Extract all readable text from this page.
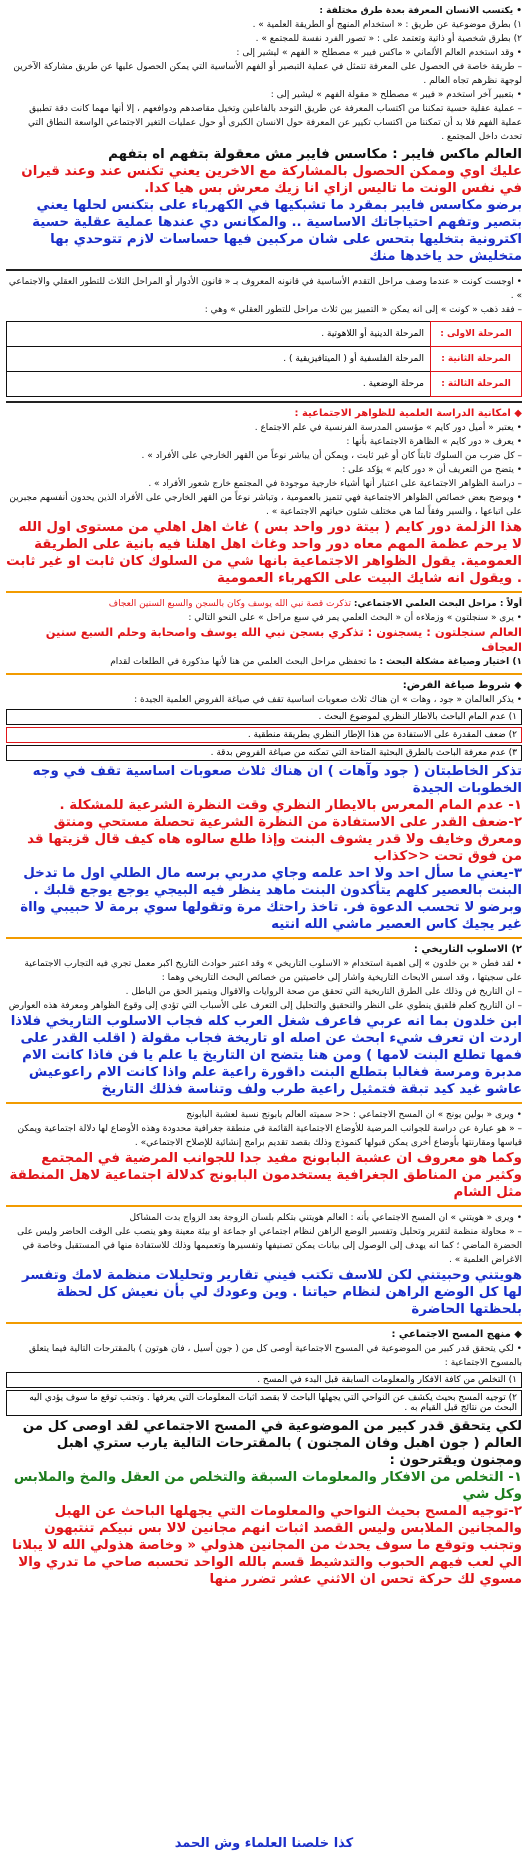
• يكتسب الانسان المعرفة بعدة طرق مختلفة :

١) بطرق موضوعية عن طريق : « استخدام المنهج أو الطريقة العلمية » .

٢) بطرق شخصية أو ذاتية وتعتمد على : « تصور الفرد نفسة للمجتمع » .

• وقد استخدم العالم الألماني « ماكس فيبر » مصطلح « الفهم » ليشير إلى :

– طريقة خاصة في الحصول على المعرفة تتمثل في عملية التبصير أو الفهم الأساسية التي يمكن الحصول عليها عن طريق مشاركة الآخرين لوجهة نظرهم تجاه العالم .

• بتعبير آخر استخدم « فيبر » مصطلح « مقولة الفهم » ليشير إلى :

– عملية عقلية حسية تمكننا من اكتساب المعرفة عن طريق التوحد بالفاعلين وتخيل مقاصدهم ودوافعهم ، إلا أنها مهما كانت دقة تطبيق عملية الفهم فلا بد أن تمكننا من اكتساب تكيير عن المعرفة حول الانسان الكبرى أو حول عمليات التغير الاجتماعي الواسعة النطاق التي تحدث داخل المجتمع .

العالم ماكس فايبر : مكاسس فايبر مش معقولة بتفهم اه بتفهم

عليك اوي وممكن الحصول بالمشاركة مع الاخرين يعني تكنس عند وعند قيران في نفس الونت ما تاليس ازاي انا زيك معرش بس هيا كدا.

برضو مكاسس فايبر بمقرد ما تشبكيها في الكهرباء على بتكنس لحلها يعني بتصير وتفهم احتياجاتك الاساسية .. والمكانس دي عندها عملية عقلية حسية اكترونية بتخليها بتحس على شان مركبين فيها حساسات لازم تتوحدي بها متخليش حد ياخدها منك

• اوجست كونت « عندما وصف مراحل التقدم الأساسية في قانونه المعروف بـ « قانون الأدوار أو المراحل الثلاث للتطور العقلي والاجتماعي » .

– فقد ذهب « كونت » إلى انه يمكن « التمييز بين ثلاث مراحل للتطور العقلي » وهي :

المرحلة الاولى :	المرحلة الدينية أو اللاهوتية .
المرحلة الثانية :	المرحلة الفلسفية أو ( الميتافيزيقية ) .
المرحلة الثالثة :	مرحلة الوضعية .

◆ امكانية الدراسة العلمية للظواهر الاجتماعية :

• يعتبر « أميل دور كايم » مؤسس المدرسة الفرنسية في علم الاجتماع .

• يعرف « دور كايم » الظاهرة الاجتماعية بأنها :

– كل ضرب من السلوك ثابتاً كان أو غير ثابت ، ويمكن أن يباشر نوعاً من القهر الخارجي على الأفراد » .

• يتضح من التعريف أن « دور كايم » يؤكد على :

– دراسة الظواهر الاجتماعية على اعتبار أنها أشياء خارجية موجودة في المجتمع خارج شعور الأفراد » .

• ويوضح بعض خصائص الظواهر الاجتماعية فهي تتميز بالعمومية ، وتباشر نوعاً من القهر الخارجي على الأفراد الذين يحدون أنفسهم مجبرين على اتباعها ، والسير وفقاً لما هي مختلف شئون حياتهم الاجتماعية » .

هذا الزلمة دور كايم ( بيتة دور واحد بس ) غاث اهل اهلي من مستوى اول الله لا يرحم عظمة المهم معاه دور واحد وغاث اهل اهلنا فيه بانية على الطريقة العمومية. يقول الظواهر الاجتماعية بانها شي من السلوك كان ثابت او غير ثابت . ويقول انه شايك البيت على الكهرباء العمومية

أولاً : مراحل البحث العلمي الاجتماعي: تذكرت قصة نبي الله يوسف وكان بالسجن والسبع السنين العجاف

• يرى « سنجلتون » وزملاءه أن « البحث العلمي يمر في سبع مراحل » على النحو التالي :

العالم سنجلتون : يسجنون : تذكري بسجن نبي الله يوسف واصحابة وحلم السبع سنين العجاف

١) اختيار وصياغة مشكلة البحث : ما تحفظي مراحل البحث العلمي من هنا لأنها مذكورة في الطلعات لقدام

◆ شروط صياغة الفرض:

• يذكر العالمان « جود ، وهات » ان هناك ثلاث صعوبات اساسية تقف في صياغة الفروض العلمية الجيدة :

١) عدم المام الباحث بالاطار النظري لموضوع البحث .
٢) ضعف المقدرة على الاستفادة من هذا الإطار النظري بطريقة منطقية .
٣) عدم معرفة الباحث بالطرق البحثية المتاحة التي تمكنه من صياغة الفروض بدقة .

تذكر الخاطبتان ( جود وآهات ) ان هناك ثلاث صعوبات اساسية تقف في وجه الخطوبات الجيدة

١- عدم المام المعرس بالايطار النظري وقت النظرة الشرعية للمشكلة .

٢-ضعف القدر على الاستفادة من النظرة الشرعية تحصلة مستحي ومنتق ومعرق وخايف ولا قدر يشوف البنت وإذا طلع سالوه هاه كيف قال قزيتها قد من فوق تحت <<كذاب

٣-يعني ما سأل احد ولا احد علمه وجاي مدربي برسه مال الطلي اول ما تدخل البنت بالعصير كلهم يتأكدون البنت ماهد ينظر فيه البيجي يوجع يوجع قلبك . وبرضو لا تحسب الدعوة فر. تاخذ راحتك مرة وتقولها سوي برمة لا حبيبي وااة غير يجيك كاس العصير ماشي الله انتيه

٢) الاسلوب التاريخي :

• لقد فطن « بن خلدون » إلى اهمية استخدام « الاسلوب التاريخي » وقد اعتبر حوادث التاريخ اكبر معمل تجري فيه التجارب الاجتماعية على سجيتها ، وقد اسس الابحاث التاريخية واشار إلى خاصيتين من خصائص البحث التاريخي وهما :

– ان التاريخ فن وذلك على الطرق التاريخية التي تحقق من صحة الروايات والاقوال ويتميز الحق من الباطل .

– ان التاريخ كعلم فلقيق ينطوي على النظر والتحقيق والتحليل إلى التعرف على الأسباب التي تؤدي إلى وقوع الظواهر ومعرفة هذه العوارض

ابن خلدون بما انه عربي فاعرف شغل العرب كله فجاب الاسلوب التاريخي فلاذا اردت ان تعرف شيء ابحث عن اصله او تاريخة فجاب مقولة ( اقلب القدر على فمها تطلع البنت لامها ) ومن هنا يتضح ان التاريخ يا علم يا فن فاذا كانت الام مدبرة ومرسة فغالبا بتطلع البنت داقورة راعية علم واذا كانت الام راعوعيش عاشو غيد كيد تبقة فتمثيل راعية طرب ولف وتناسة فذلك التاريخ

• ويرى « بولين يونج » ان المسح الاجتماعي : << سميته العالم بابونج نسبة لعشبة البابونج

– « هو عبارة عن دراسة للجوانب المرضية للأوضاع الاجتماعية القائمة في منطقة جغرافية محدودة وهذه الأوضاع لها دلالة اجتماعية ويمكن قياسها ومقارنتها بأوضاع أخرى يمكن قبولها كنموذج وذلك بقصد تقديم برامج إنشائية للإصلاح الاجتماعي» .

وكما هو معروف ان عشبة البابونج مفيد جدا للجوانب المرضية في المجتمع وكثير من المناطق الجغرافية يستخدمون البابونج كدلالة اجتماعية لاهل المنطقة مثل الشام

• ويرى « هويتني » ان المسح الاجتماعي بأنه : العالم هويتني بتكلم بلسان الزوجة بعد الزواج بدت المشاكل

– « محاولة منظمة لتقرير وتحليل وتفسير الوضع الراهن لنظام اجتماعي او جماعة او بيئة معينة وهو ينصب على الوقت الحاضر وليس على الحضرة الماضي ؛ كما انه يهدف إلى الوصول إلى بيانات يمكن تصنيفها وتفسيرها وتعميمها وذلك للاستفادة منها في المستقبل وخاصة في الاغراض العلمية » .

هويتني وحبيتني لكن للاسف تكتب فيني تقارير وتحليلات منظمة لامك وتفسر لها كل الوضع الراهن لنظام حياتنا . وين وعودك لي بأن نعيش كل لحظة بلحظتها الحاضرة

◆ منهج المسح الاجتماعي :

• لكي يتحقق قدر كبير من الموضوعية في المسوح الاجتماعية أوصى كل من ( جون أسيل ، فان هوتون ) بالمقترحات التالية فيما يتعلق بالمسوح الاجتماعية :

١) التخلص من كافة الافكار والمعلومات السابقة قبل البدء في المسح .
٢) توجيه المسح بحيث يكشف عن النواحي التي يجهلها الباحث لا بقصد اثبات المعلومات التي يعرفها . وتجنب توقع ما سوف يؤدي اليه البحث من نتائج قبل القيام به .

لكي يتحقق قدر كبير من الموضوعية في المسح الاجتماعي لقد اوصى كل من العالم ( جون اهبل وفان المجنون ) بالمقترحات التالية يارب ستري اهبل ومجنون ويقترحون :

١- التخلص من الافكار والمعلومات السبقة والتخلص من العقل والمخ والملابس وكل شي

٢-توجيه المسح بحيث النواحي والمعلومات التي يجهلها الباحث عن الهبل والمجانين الملابس وليس القصد اثبات انهم مجانين لالا بس نبيكم تنتبهون وتجنب وتوقع ما سوف يحدث من المجانين هذولي « وخاصة هذولي الله لا يبلانا الي لعب فيهم الحبوب والتدشيط قسم بالله الواحد تحسبه صاحي ما تدري والا مسوي لك حركة تحس ان الاثني عشر تضرر منها

كذا خلصنا العلماء وش الحمد
